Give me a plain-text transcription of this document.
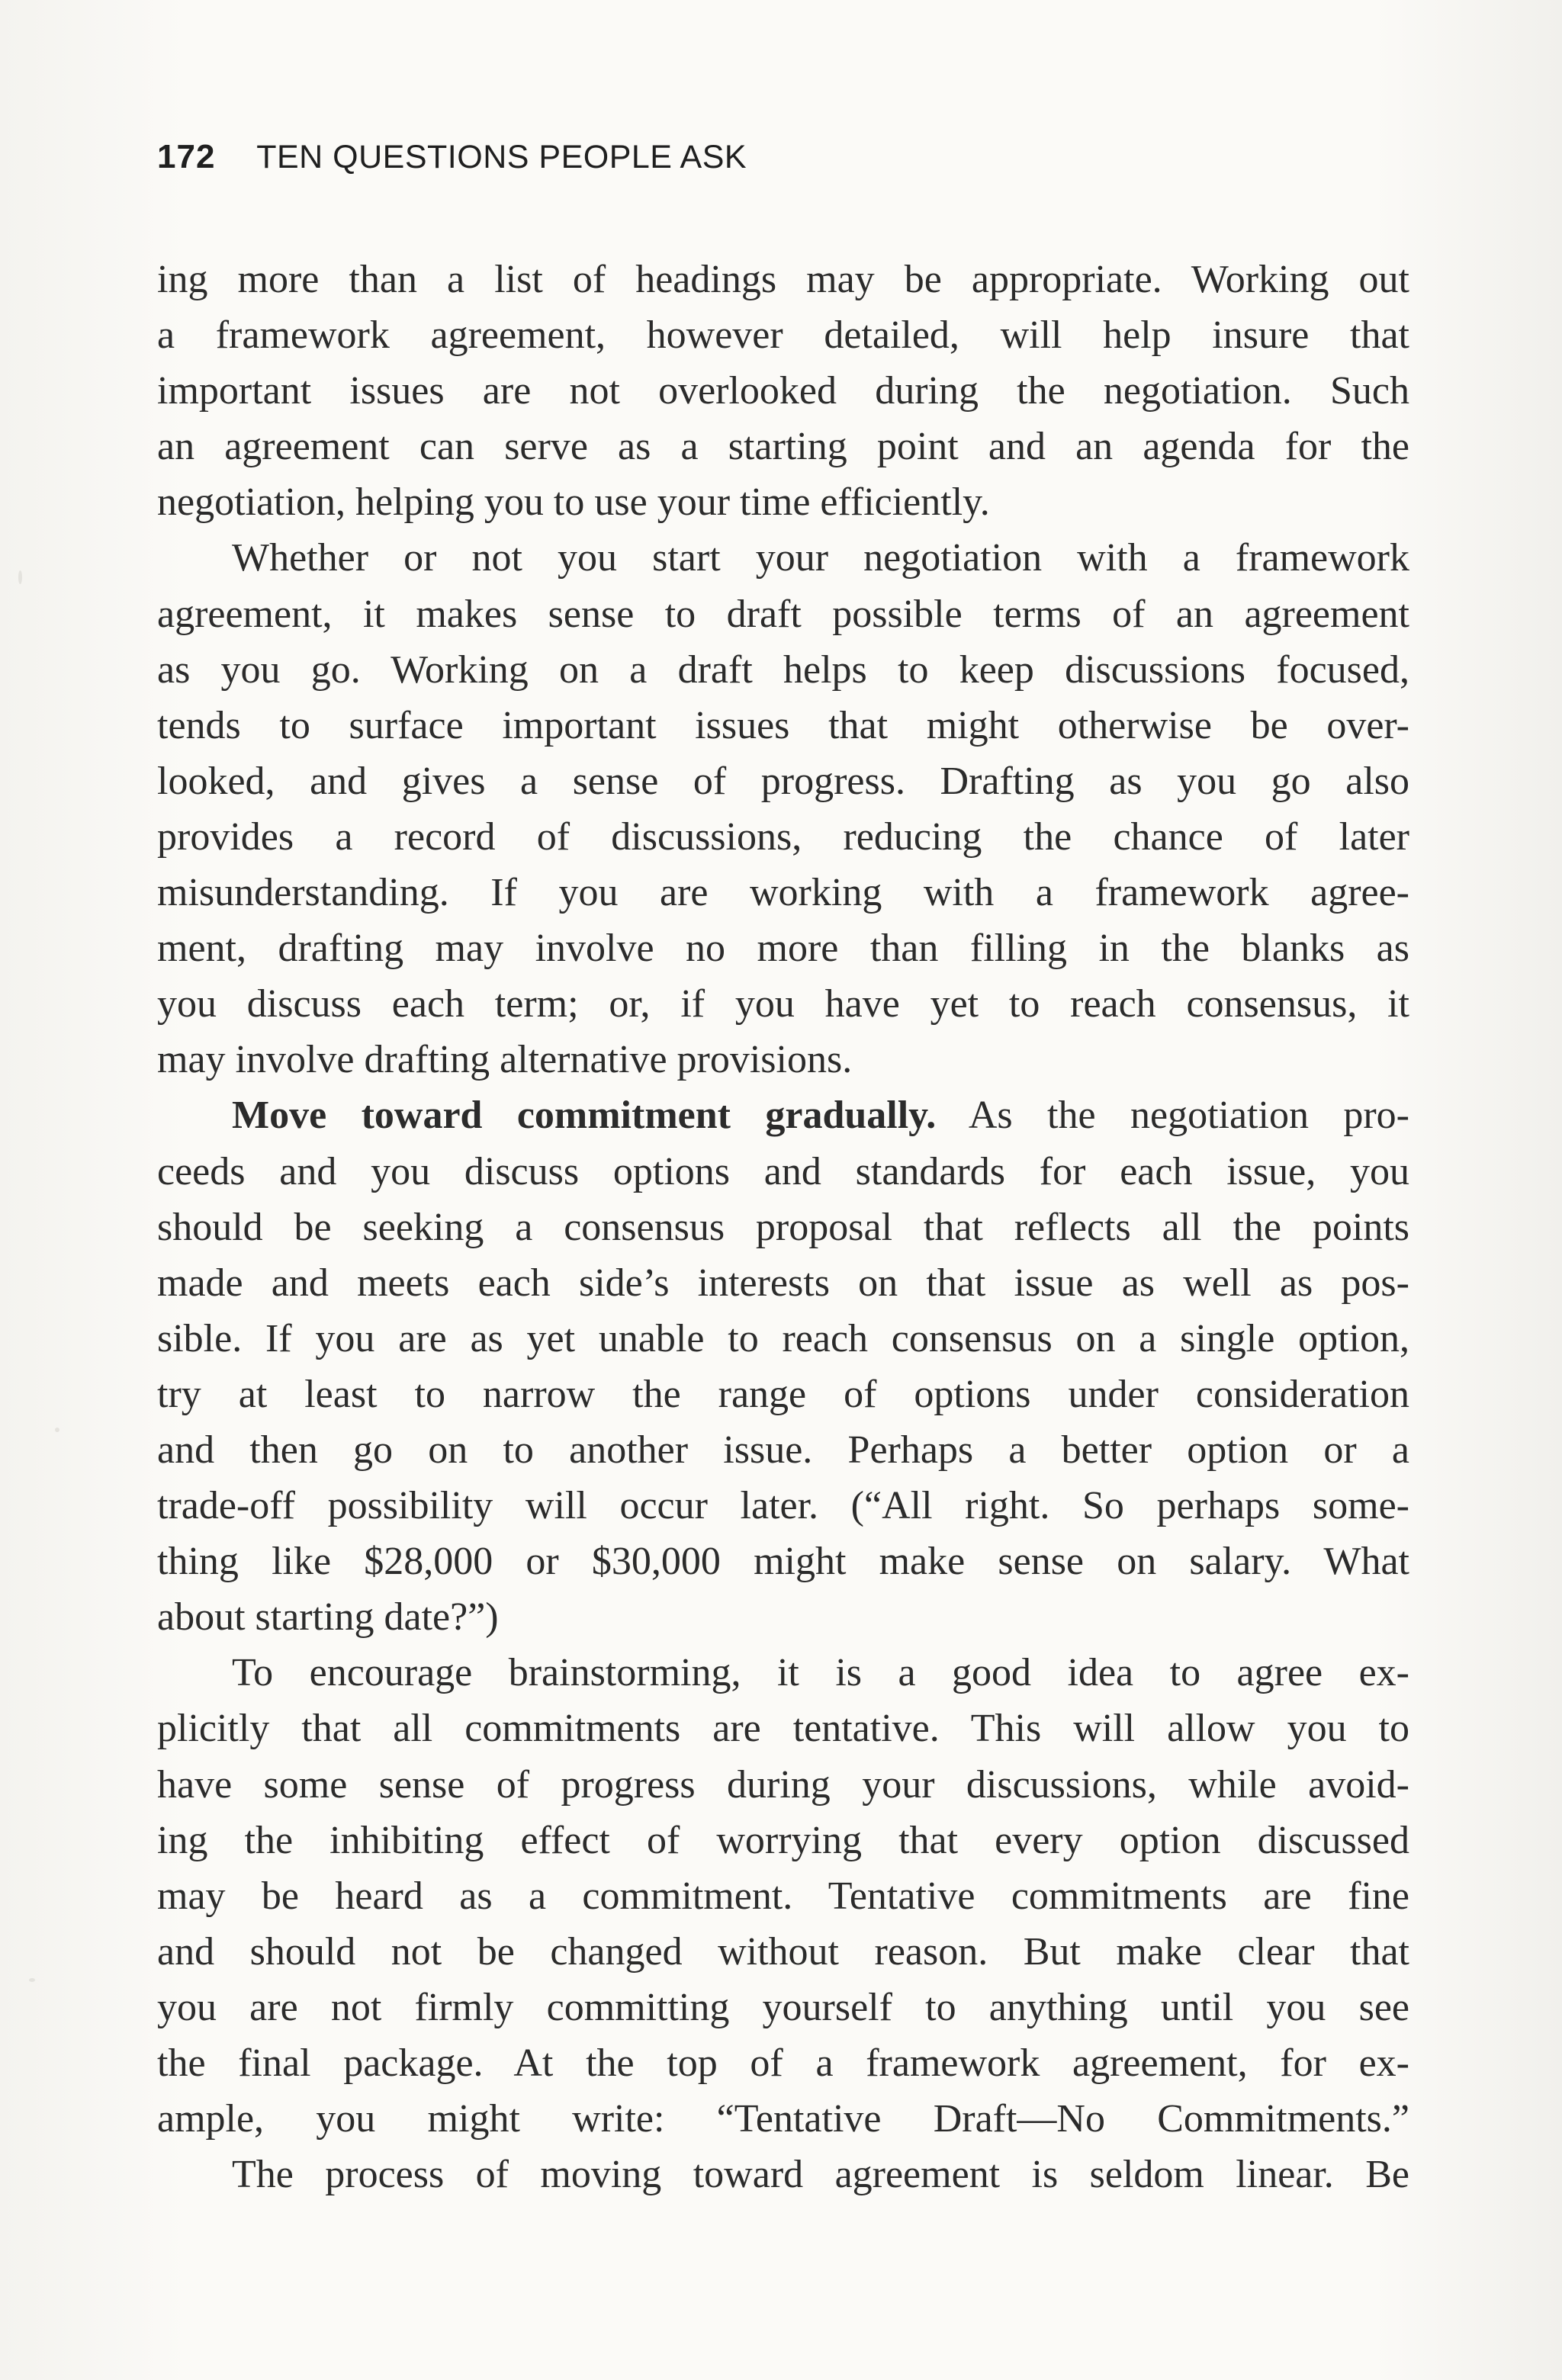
172 TEN QUESTIONS PEOPLE ASK
ing more than a list of headings may be appropriate. Working out
a framework agreement, however detailed, will help insure that
important issues are not overlooked during the negotiation. Such
an agreement can serve as a starting point and an agenda for the
negotiation, helping you to use your time efficiently.
Whether or not you start your negotiation with a framework
agreement, it makes sense to draft possible terms of an agreement
as you go. Working on a draft helps to keep discussions focused,
tends to surface important issues that might otherwise be over-
looked, and gives a sense of progress. Drafting as you go also
provides a record of discussions, reducing the chance of later
misunderstanding. If you are working with a framework agree-
ment, drafting may involve no more than filling in the blanks as
you discuss each term; or, if you have yet to reach consensus, it
may involve drafting alternative provisions.
Move toward commitment gradually. As the negotiation pro-
ceeds and you discuss options and standards for each issue, you
should be seeking a consensus proposal that reflects all the points
made and meets each side’s interests on that issue as well as pos-
sible. If you are as yet unable to reach consensus on a single option,
try at least to narrow the range of options under consideration
and then go on to another issue. Perhaps a better option or a
trade-off possibility will occur later. (“All right. So perhaps some-
thing like $28,000 or $30,000 might make sense on salary. What
about starting date?”)
To encourage brainstorming, it is a good idea to agree ex-
plicitly that all commitments are tentative. This will allow you to
have some sense of progress during your discussions, while avoid-
ing the inhibiting effect of worrying that every option discussed
may be heard as a commitment. Tentative commitments are fine
and should not be changed without reason. But make clear that
you are not firmly committing yourself to anything until you see
the final package. At the top of a framework agreement, for ex-
ample, you might write: “Tentative Draft—No Commitments.”
The process of moving toward agreement is seldom linear. Be
